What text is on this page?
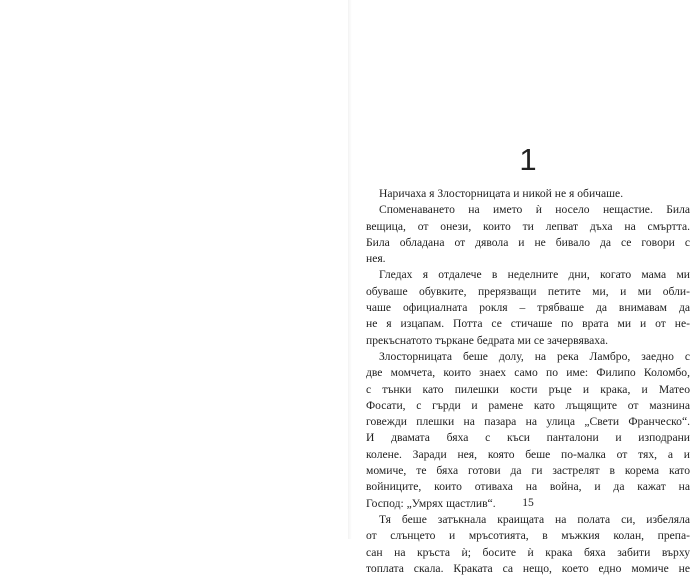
1
Наричаха я Злосторницата и никой не я обичаше.
Споменаването на името ѝ носело нещастие. Била
вещица, от онези, които ти лепват дъха на смъртта.
Била обладана от дявола и не бивало да се говори с
нея.
Гледах я отдалече в неделните дни, когато мама ми
обуваше обувките, прерязващи петите ми, и ми обли-
чаше официалната рокля – трябваше да внимавам да
не я изцапам. Потта се стичаше по врата ми и от не-
прекъснатото търкане бедрата ми се зачервяваха.
Злосторницата беше долу, на река Ламбро, заедно с
две момчета, които знаех само по име: Филипо Коломбо,
с тънки като пилешки кости ръце и крака, и Матео
Фосати, с гърди и рамене като лъщящите от мазнина
говежди плешки на пазара на улица „Свети Франческо“.
И двамата бяха с къси панталони и изподрани
колене. Заради нея, която беше по-малка от тях, а и
момиче, те бяха готови да ги застрелят в корема като
войниците, които отиваха на война, и да кажат на
Господ: „Умрях щастлив“.
Тя беше затъкнала краищата на полата си, избеляла
от слънцето и мръсотията, в мъжкия колан, препа-
сан на кръста ѝ; босите ѝ крака бяха забити върху
топлата скала. Краката са нещо, което едно момиче не
15
